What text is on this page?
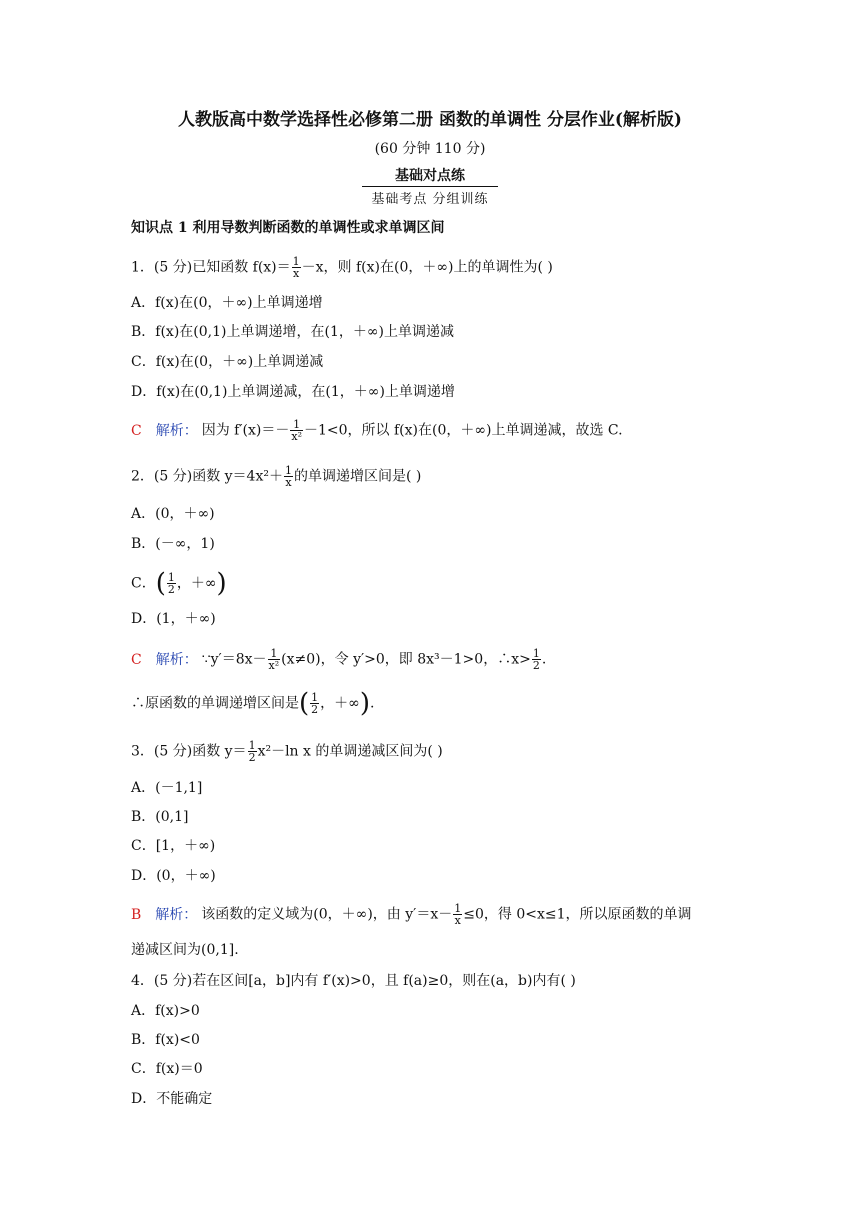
人教版高中数学选择性必修第二册 函数的单调性 分层作业(解析版)
(60 分钟 110 分)
基础对点练
基础考点 分组训练
知识点 1 利用导数判断函数的单调性或求单调区间
1．(5 分)已知函数 $f(x)= \frac{1}{x} -x$，则 f(x)在(0，＋∞)上的单调性为( )
A．f(x)在(0，＋∞)上单调递增
B．f(x)在(0,1)上单调递增，在(1，＋∞)上单调递减
C．f(x)在(0，＋∞)上单调递减
D．f(x)在(0,1)上单调递减，在(1，＋∞)上单调递增
C 解析： 因为 $f'(x)=- \frac{1}{\text{x²}} -1<0$，所以 f(x)在(0，＋∞)上单调递减，故选 C.
2．(5 分)函数 $y=4x^2+ \frac{1}{x}$ 的单调递增区间是( )
A．(0，＋∞)
B．(－∞，1)
C．( $\frac{1}{2}$ ，＋∞)
D．(1，＋∞)
C 解析： ∵y′＝8x－ $\frac{1}{\text{x²}} (x\ne 0)$，令 y′>0，即 8x³－1>0，∴x> $\frac{1}{2}$ .
∴原函数的单调递增区间是( $\frac{1}{2}$ ，＋∞).
3．(5 分)函数 $y= \frac{1}{2} x^2-\ln$ x 的单调递减区间为( )
A．(－1,1]
B．(0,1]
C．[1，＋∞)
D．(0，＋∞)
B 解析： 该函数的定义域为(0，＋∞)，由 $y'=x- \frac{1}{x} \le 0$，得 0<x≤1，所以原函数的单调
递减区间为(0,1].
4．(5 分)若在区间[a，b]内有 f′(x)>0，且 f(a)≥0，则在(a，b)内有( )
A．f(x)>0
B．f(x)<0
C．f(x)＝0
D．不能确定
